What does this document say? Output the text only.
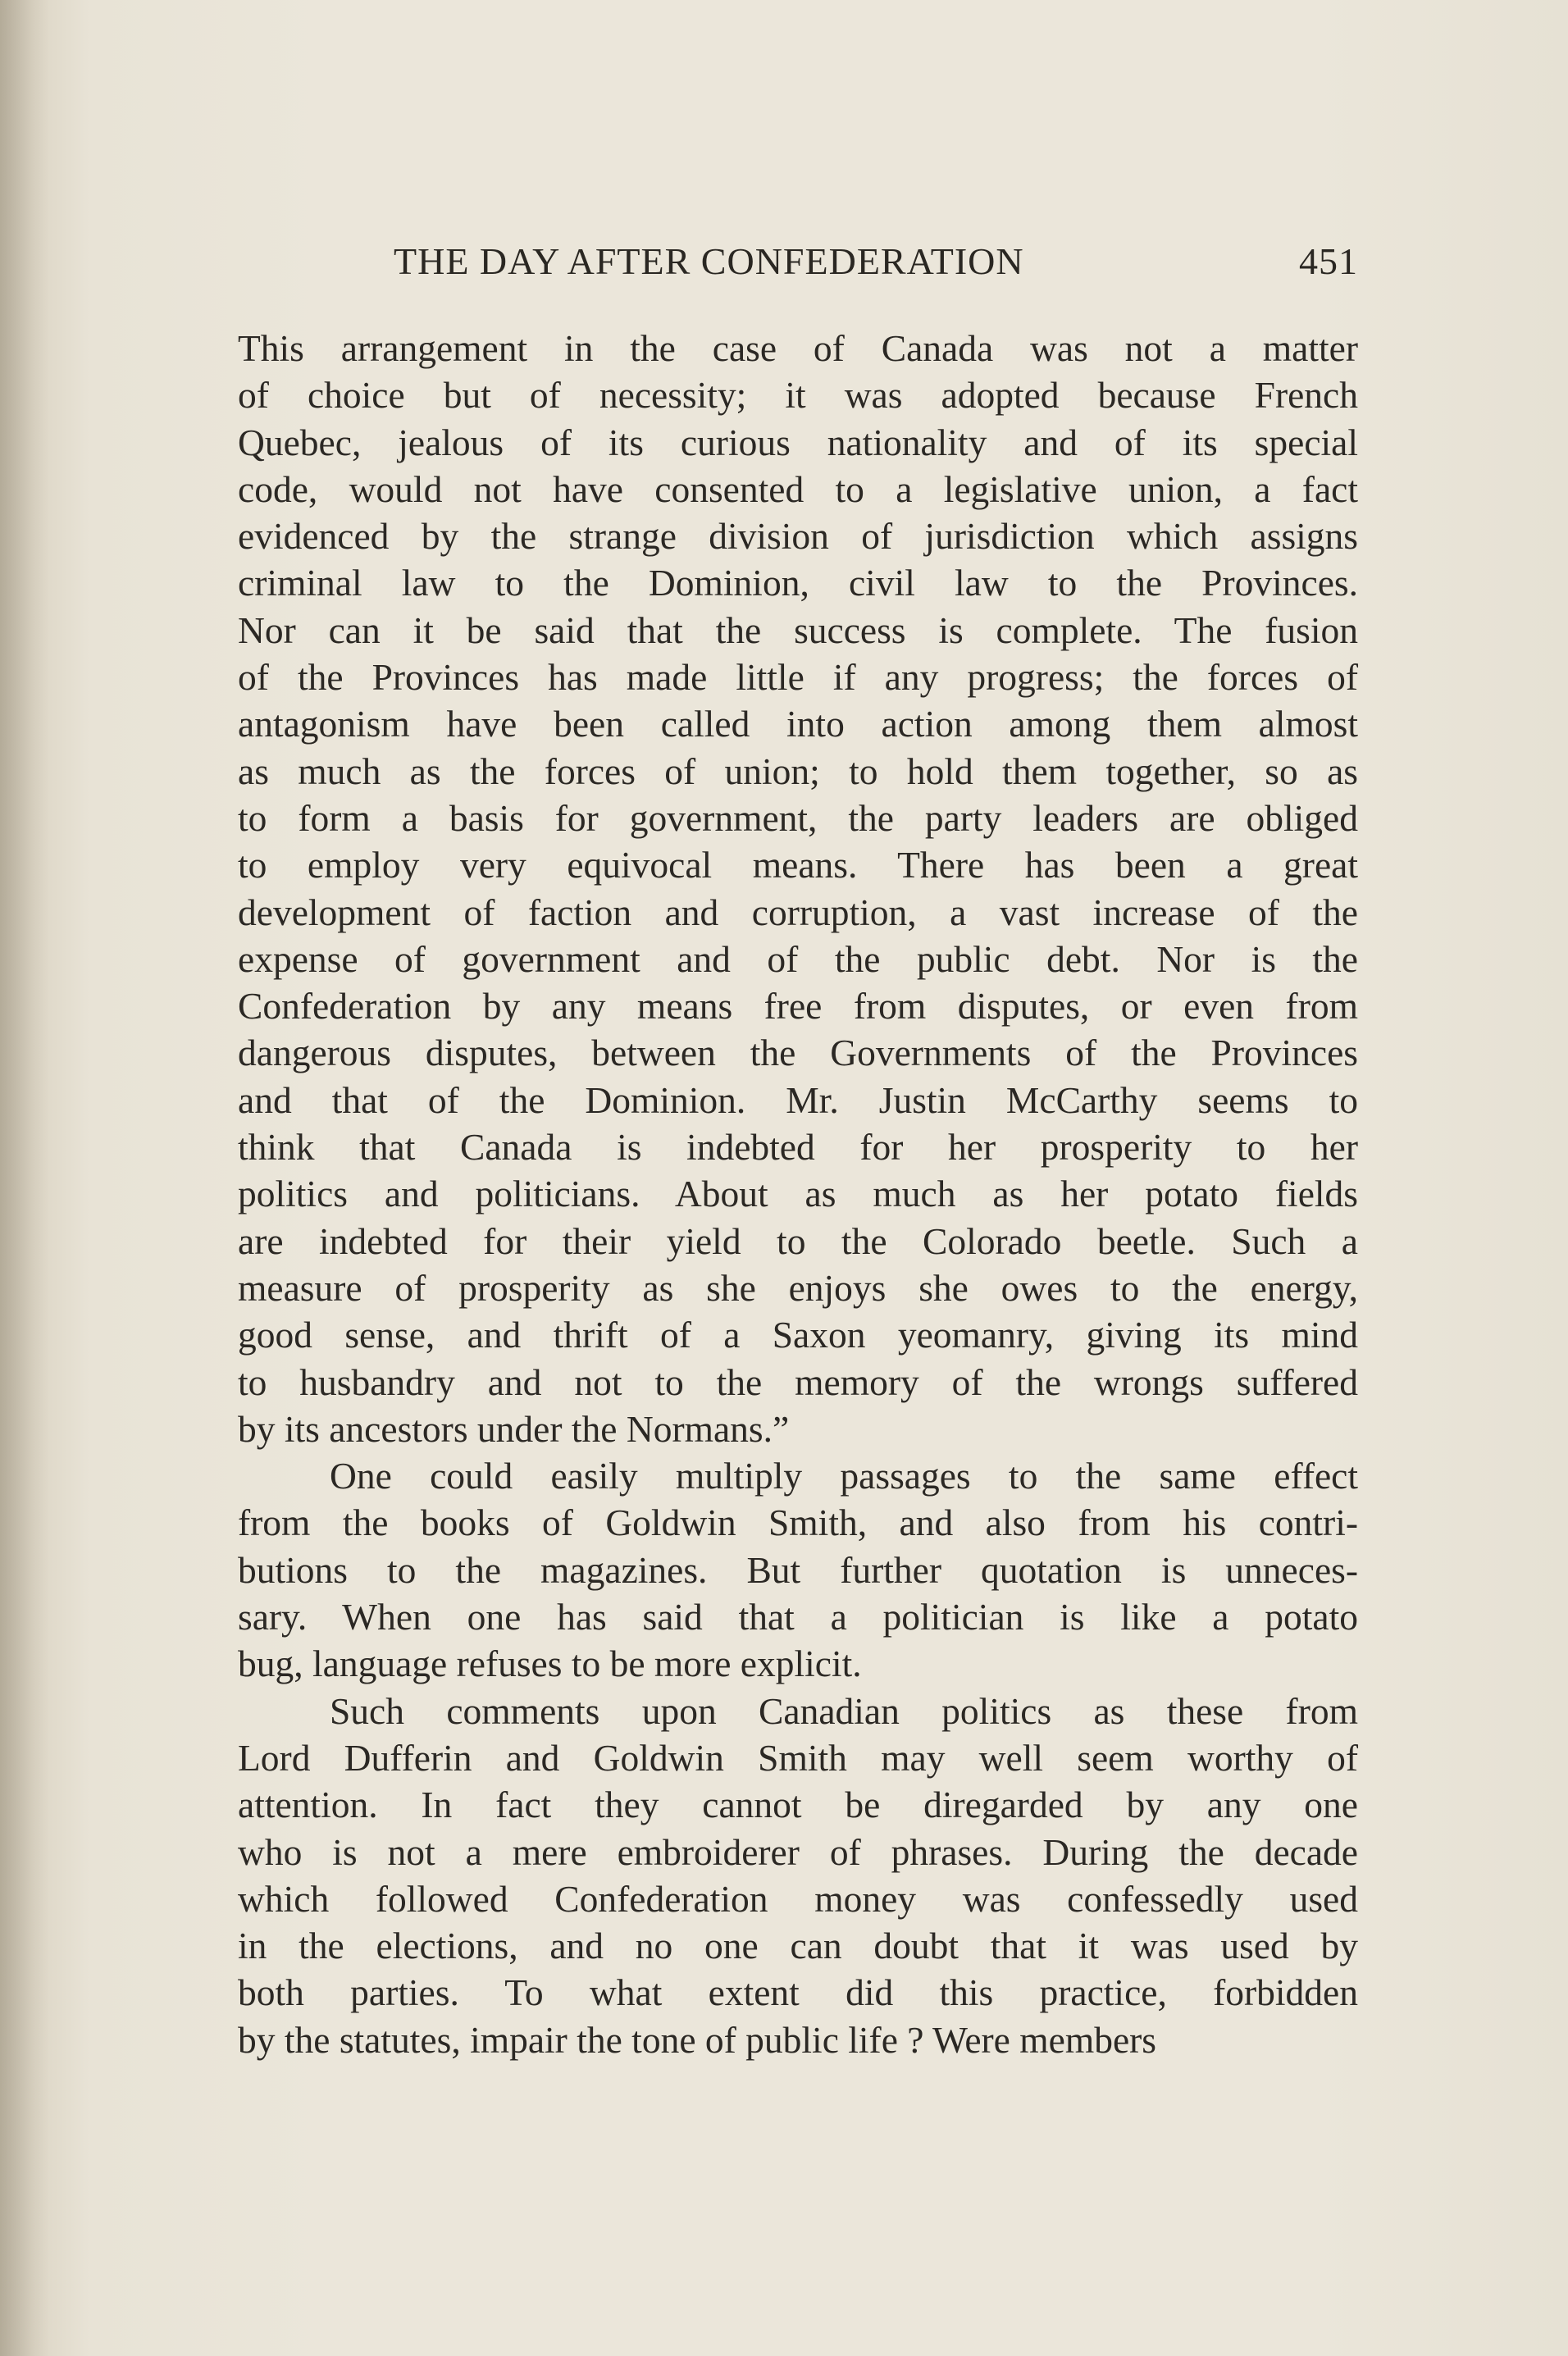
THE DAY AFTER CONFEDERATION	451

This arrangement in the case of Canada was not a matter

of choice but of necessity; it was adopted because French

Quebec, jealous of its curious nationality and of its special

code, would not have consented to a legislative union, a fact

evidenced by the strange division of jurisdiction which assigns

criminal law to the Dominion, civil law to the Provinces.

Nor can it be said that the success is complete. The fusion

of the Provinces has made little if any progress; the forces of

antagonism have been called into action among them almost

as much as the forces of union; to hold them together, so as

to form a basis for government, the party leaders are obliged

to employ very equivocal means. There has been a great

development of faction and corruption, a vast increase of the

expense of government and of the public debt. Nor is the

Confederation by any means free from disputes, or even from

dangerous disputes, between the Governments of the Provinces

and that of the Dominion. Mr. Justin McCarthy seems to

think that Canada is indebted for her prosperity to her

politics and politicians. About as much as her potato fields

are indebted for their yield to the Colorado beetle. Such a

measure of prosperity as she enjoys she owes to the energy,

good sense, and thrift of a Saxon yeomanry, giving its mind

to husbandry and not to the memory of the wrongs suffered

by its ancestors under the Normans.”

One could easily multiply passages to the same effect

from the books of Goldwin Smith, and also from his contri-

butions to the magazines. But further quotation is unneces-

sary. When one has said that a politician is like a potato

bug, language refuses to be more explicit.

Such comments upon Canadian politics as these from

Lord Dufferin and Goldwin Smith may well seem worthy of

attention. In fact they cannot be diregarded by any one

who is not a mere embroiderer of phrases. During the decade

which followed Confederation money was confessedly used

in the elections, and no one can doubt that it was used by

both parties. To what extent did this practice, forbidden

by the statutes, impair the tone of public life ? Were members
